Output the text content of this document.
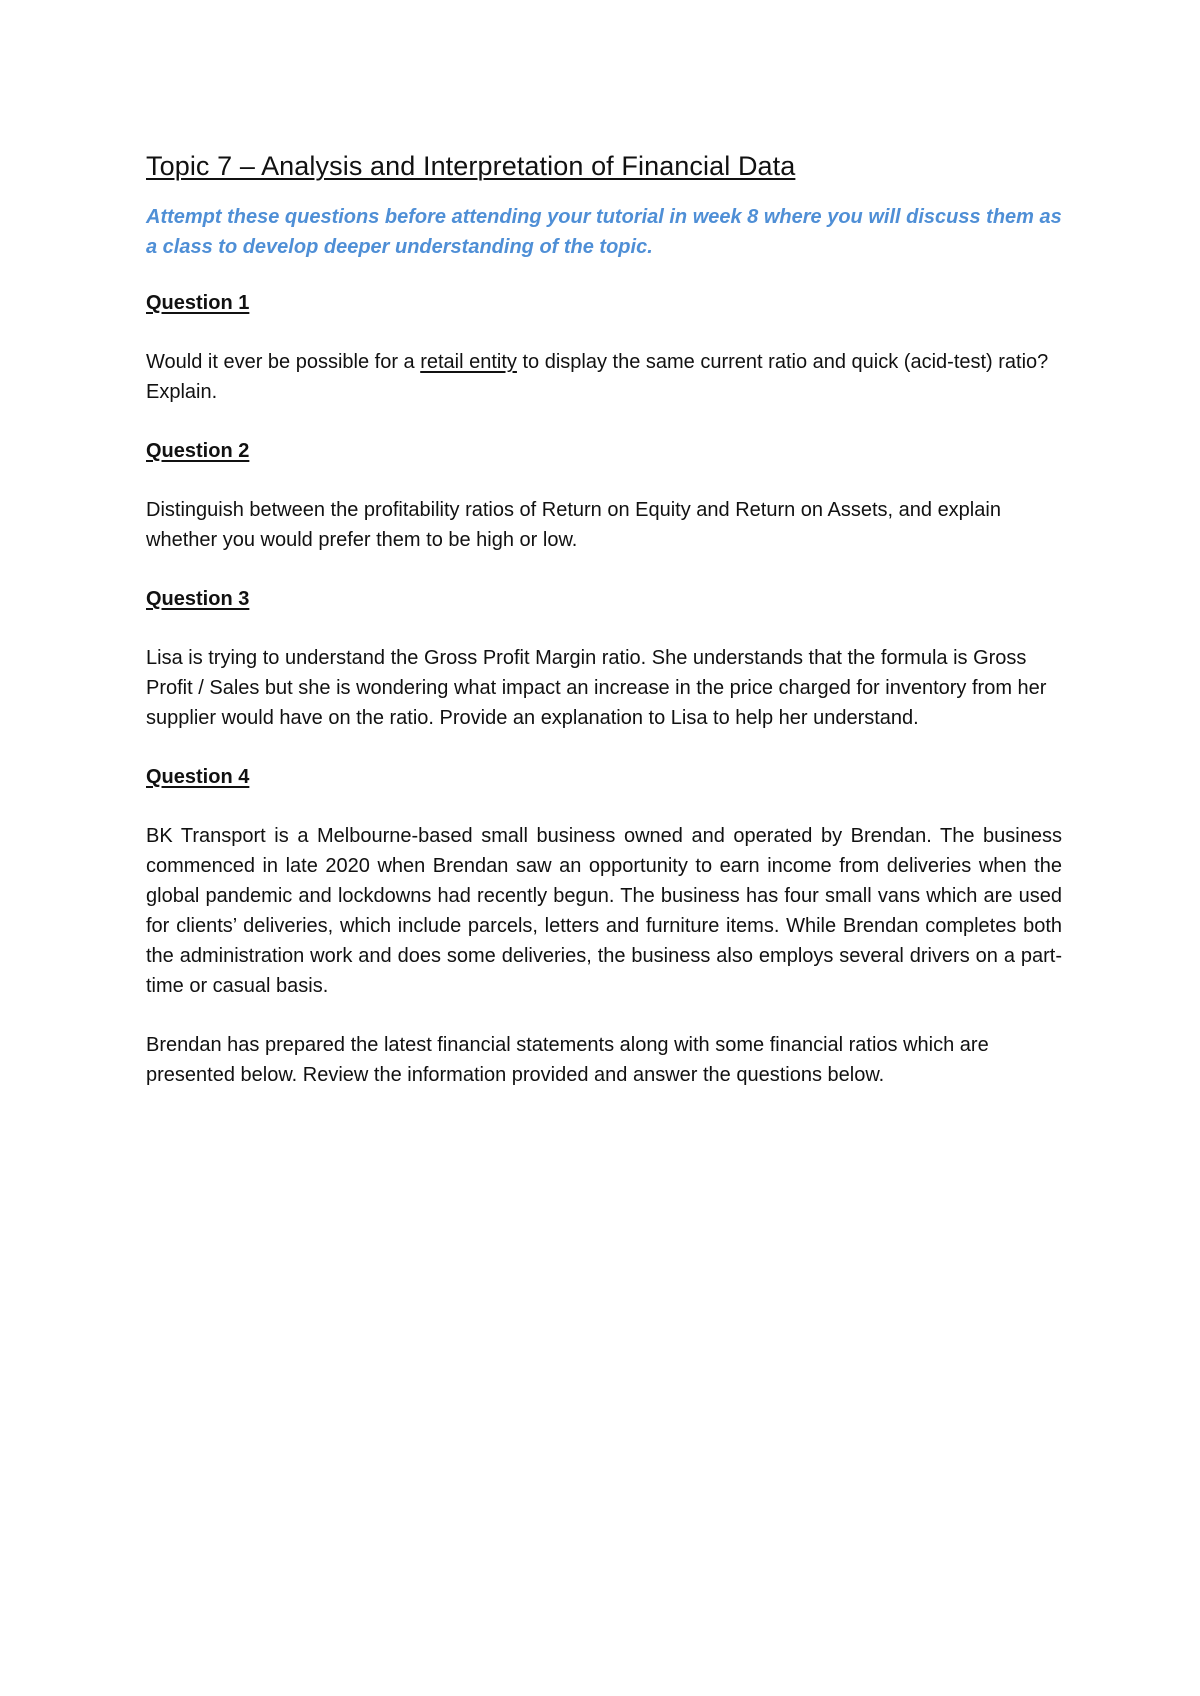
Topic 7 – Analysis and Interpretation of Financial Data

Attempt these questions before attending your tutorial in week 8 where you will discuss them as a class to develop deeper understanding of the topic.

Question 1

Would it ever be possible for a retail entity to display the same current ratio and quick (acid-test) ratio? Explain.

Question 2

Distinguish between the profitability ratios of Return on Equity and Return on Assets, and explain whether you would prefer them to be high or low.

Question 3

Lisa is trying to understand the Gross Profit Margin ratio. She understands that the formula is Gross Profit / Sales but she is wondering what impact an increase in the price charged for inventory from her supplier would have on the ratio. Provide an explanation to Lisa to help her understand.

Question 4

BK Transport is a Melbourne-based small business owned and operated by Brendan. The business commenced in late 2020 when Brendan saw an opportunity to earn income from deliveries when the global pandemic and lockdowns had recently begun. The business has four small vans which are used for clients’ deliveries, which include parcels, letters and furniture items. While Brendan completes both the administration work and does some deliveries, the business also employs several drivers on a part-time or casual basis.

Brendan has prepared the latest financial statements along with some financial ratios which are presented below. Review the information provided and answer the questions below.
